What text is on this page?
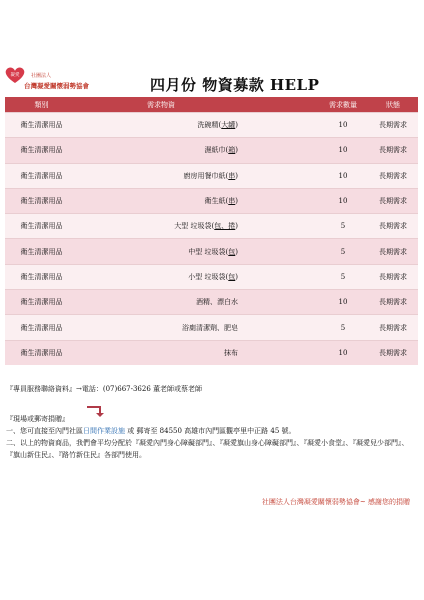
凝愛 社團法人
台灣凝愛關懷弱勢協會	四月份 物資募款 HELP
類別	需求物資		需求數量	狀態
衛生清潔用品	洗碗精(大罐)		10	長期需求
衛生清潔用品	濕紙巾(箱)		10	長期需求
衛生清潔用品	廚房用餐巾紙(串)		10	長期需求
衛生清潔用品	衛生紙(串)		10	長期需求
衛生清潔用品	大型 垃圾袋(包、捲)		5	長期需求
衛生清潔用品	中型 垃圾袋(包)		5	長期需求
衛生清潔用品	小型 垃圾袋(包)		5	長期需求
衛生清潔用品	酒精、漂白水		10	長期需求
衛生清潔用品	浴廁清潔劑、肥皂		5	長期需求
衛生清潔用品	抹布		10	長期需求
『專員服務聯絡資料』→電話：(07)667-3626 董老師或蔡老師
『現場或郵寄捐贈』
一、您可直接至內門社區日間作業設施 或 郵寄至 84550 高雄市內門區觀亭里中正路 45 號。
二、以上的物資商品，我們會平均分配於『凝愛內門身心障礙部門』、『凝愛旗山身心障礙部門』、『凝愛小食堂』、『凝愛兒少部門』、『旗山新住民』、『路竹新住民』各部門使用。
社團法人台灣凝愛關懷弱勢協會~ 感謝您的捐贈
